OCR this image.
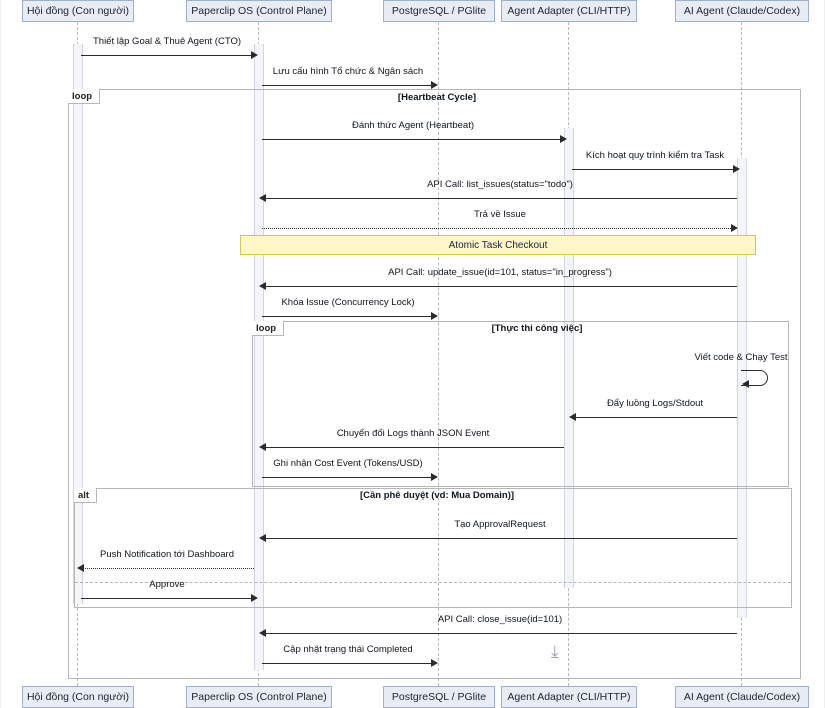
Hội đồng (Con người)	Paperclip OS (Control Plane)	PostgreSQL / PGlite	Agent Adapter (CLI/HTTP)	AI Agent (Claude/Codex)
Hội đồng (Con người)	Paperclip OS (Control Plane)	PostgreSQL / PGlite	Agent Adapter (CLI/HTTP)	AI Agent (Claude/Codex)
loop	[Heartbeat Cycle]
loop	[Thực thi công việc]
alt	[Cần phê duyệt (vd: Mua Domain)]
Atomic Task Checkout
Thiết lập Goal & Thuê Agent (CTO)
Lưu cấu hình Tổ chức & Ngân sách
Đánh thức Agent (Heartbeat)
Kích hoạt quy trình kiểm tra Task
API Call: list_issues(status="todo")
Trả về Issue
API Call: update_issue(id=101, status="in_progress")
Khóa Issue (Concurrency Lock)
Viết code & Chạy Test
Đẩy luồng Logs/Stdout
Chuyển đổi Logs thành JSON Event
Ghi nhận Cost Event (Tokens/USD)
Tạo ApprovalRequest
Push Notification tới Dashboard
Approve
API Call: close_issue(id=101)
Cập nhật trạng thái Completed	⤓
